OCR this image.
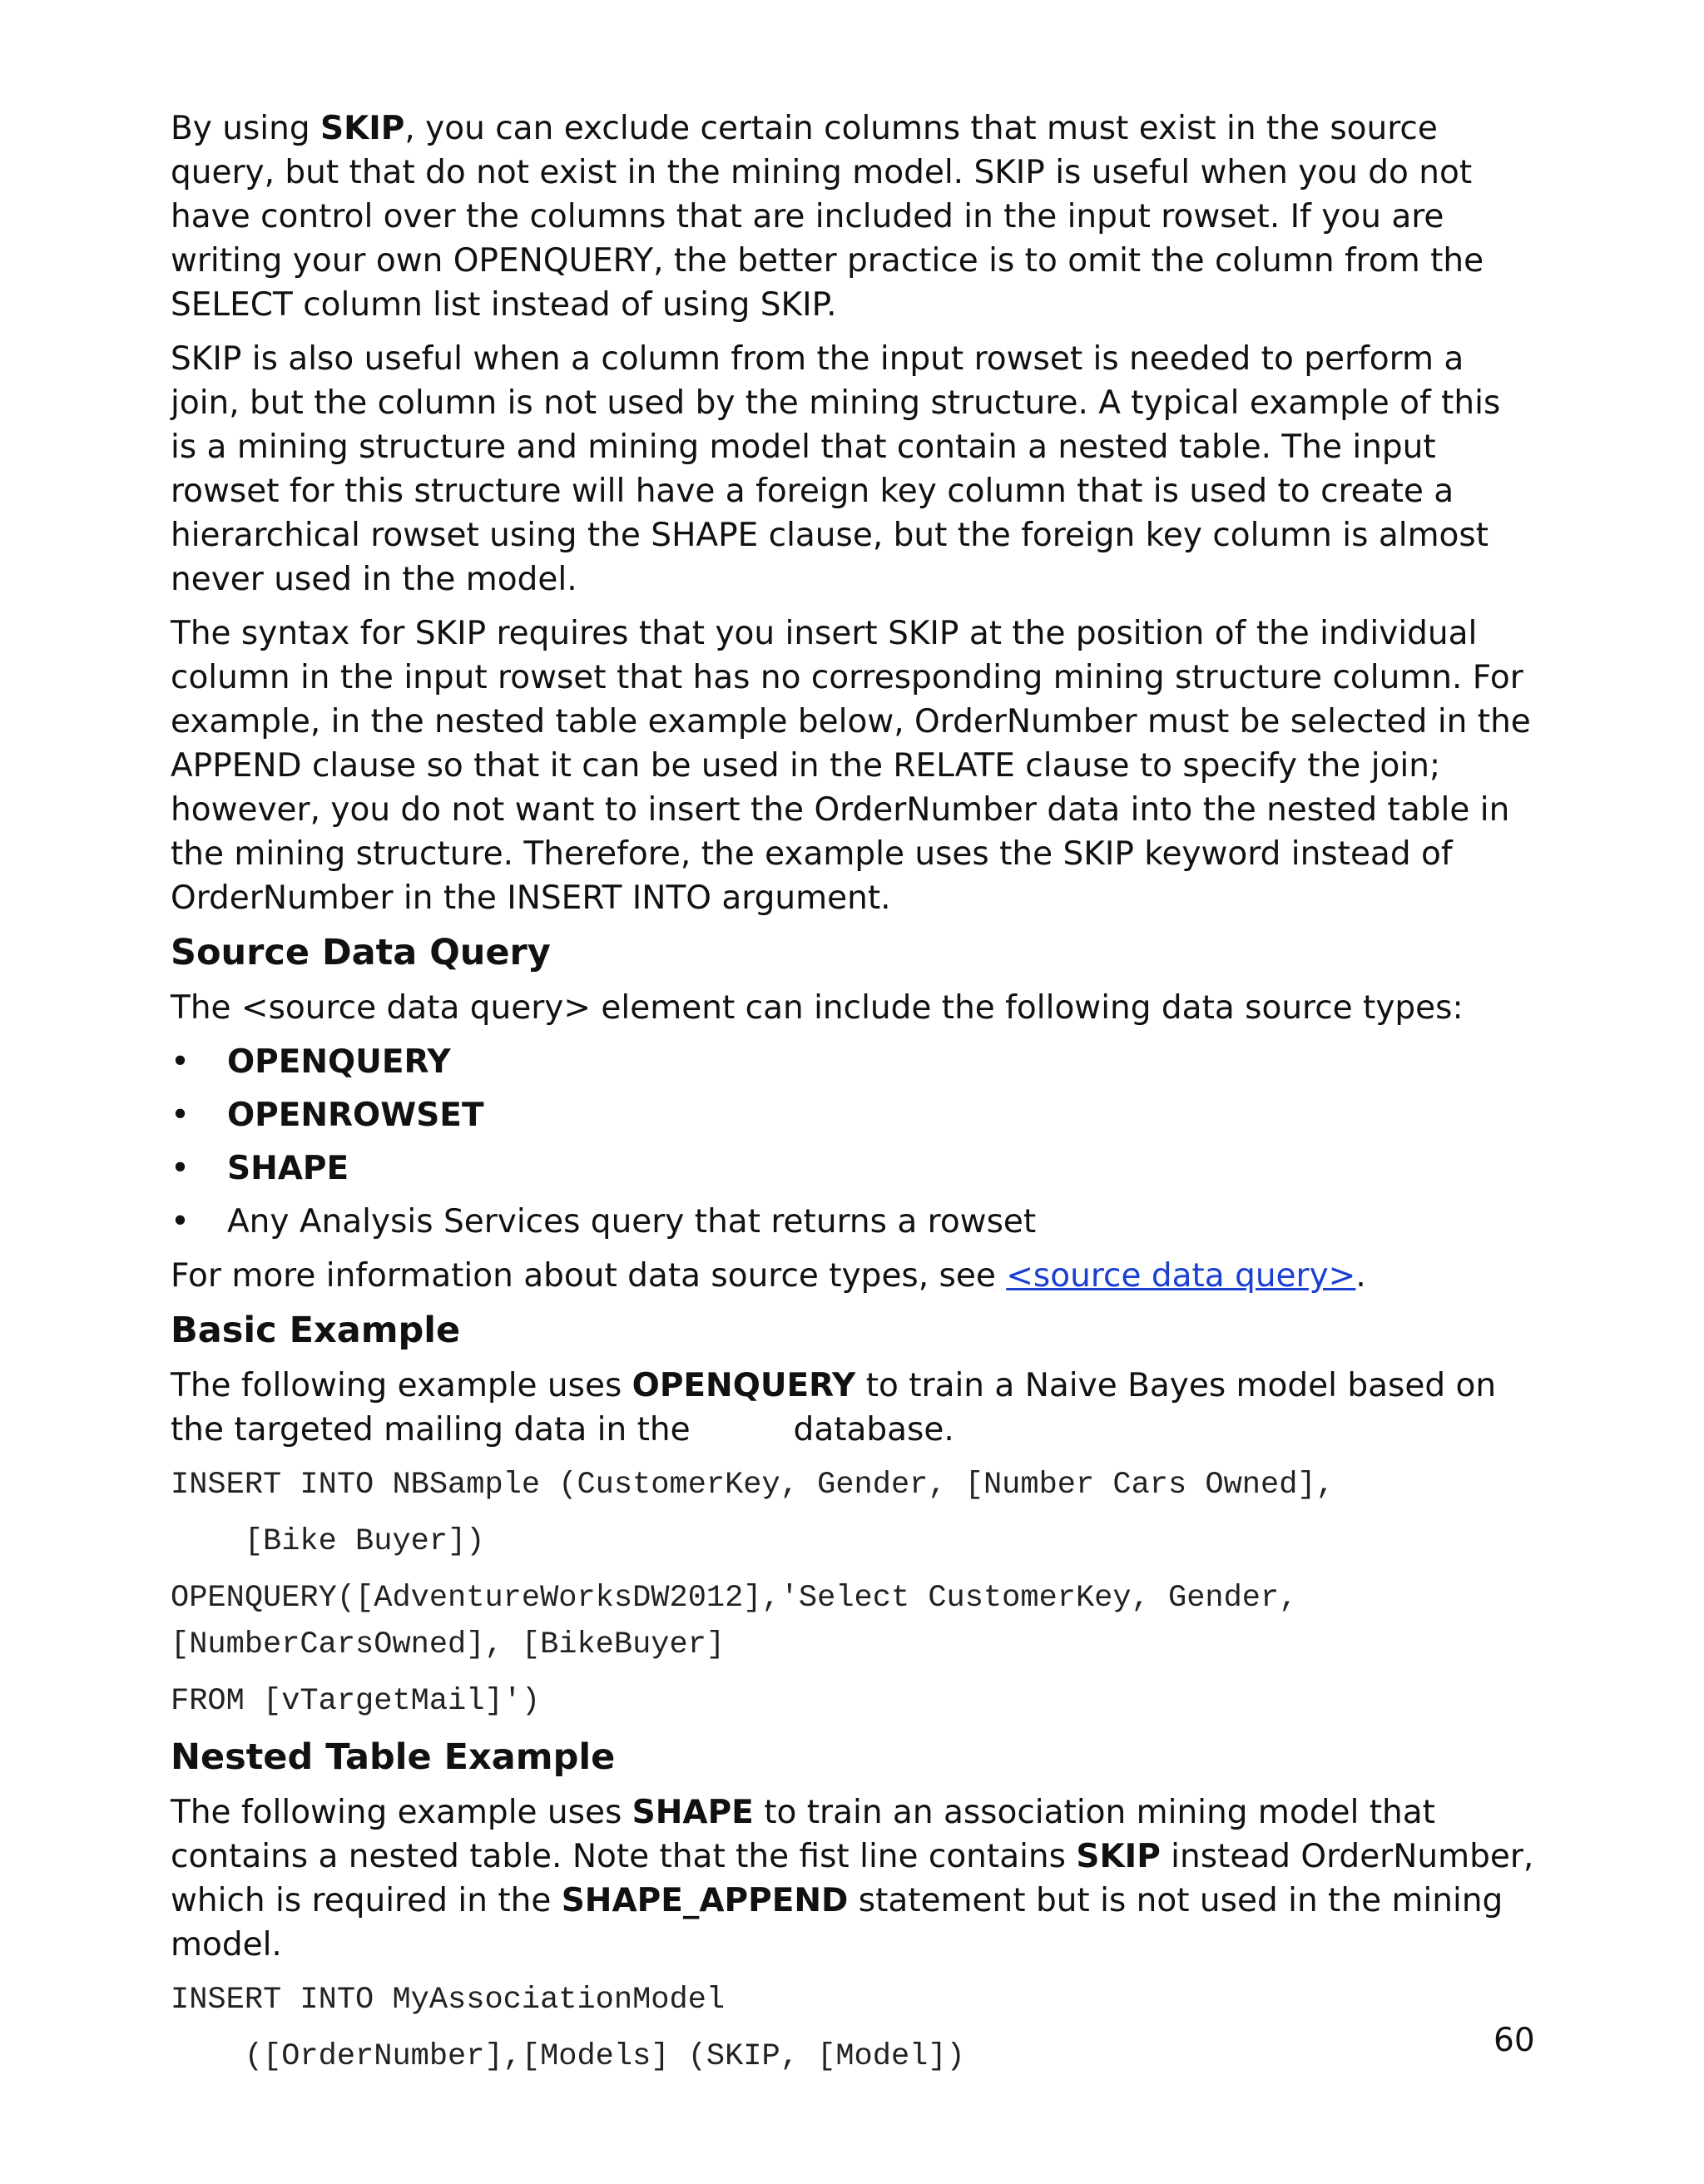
By using SKIP, you can exclude certain columns that must exist in the source query, but that do not exist in the mining model. SKIP is useful when you do not have control over the columns that are included in the input rowset. If you are writing your own OPENQUERY, the better practice is to omit the column from the SELECT column list instead of using SKIP.

SKIP is also useful when a column from the input rowset is needed to perform a join, but the column is not used by the mining structure. A typical example of this is a mining structure and mining model that contain a nested table. The input rowset for this structure will have a foreign key column that is used to create a hierarchical rowset using the SHAPE clause, but the foreign key column is almost never used in the model.

The syntax for SKIP requires that you insert SKIP at the position of the individual column in the input rowset that has no corresponding mining structure column. For example, in the nested table example below, OrderNumber must be selected in the APPEND clause so that it can be used in the RELATE clause to specify the join; however, you do not want to insert the OrderNumber data into the nested table in the mining structure. Therefore, the example uses the SKIP keyword instead of OrderNumber in the INSERT INTO argument.

Source Data Query

The <source data query> element can include the following data source types:

•	OPENQUERY
•	OPENROWSET
•	SHAPE
•	Any Analysis Services query that returns a rowset

For more information about data source types, see <source data query>.

Basic Example

The following example uses OPENQUERY to train a Naive Bayes model based on the targeted mailing data in the          database.

INSERT INTO NBSample (CustomerKey, Gender, [Number Cars Owned],
[Bike Buyer])
OPENQUERY([AdventureWorksDW2012],'Select CustomerKey, Gender,
[NumberCarsOwned], [BikeBuyer]
FROM [vTargetMail]')
Nested Table Example

The following example uses SHAPE to train an association mining model that contains a nested table. Note that the fist line contains SKIP instead OrderNumber, which is required in the SHAPE_APPEND statement but is not used in the mining model.

INSERT INTO MyAssociationModel
([OrderNumber],[Models] (SKIP, [Model])	60
